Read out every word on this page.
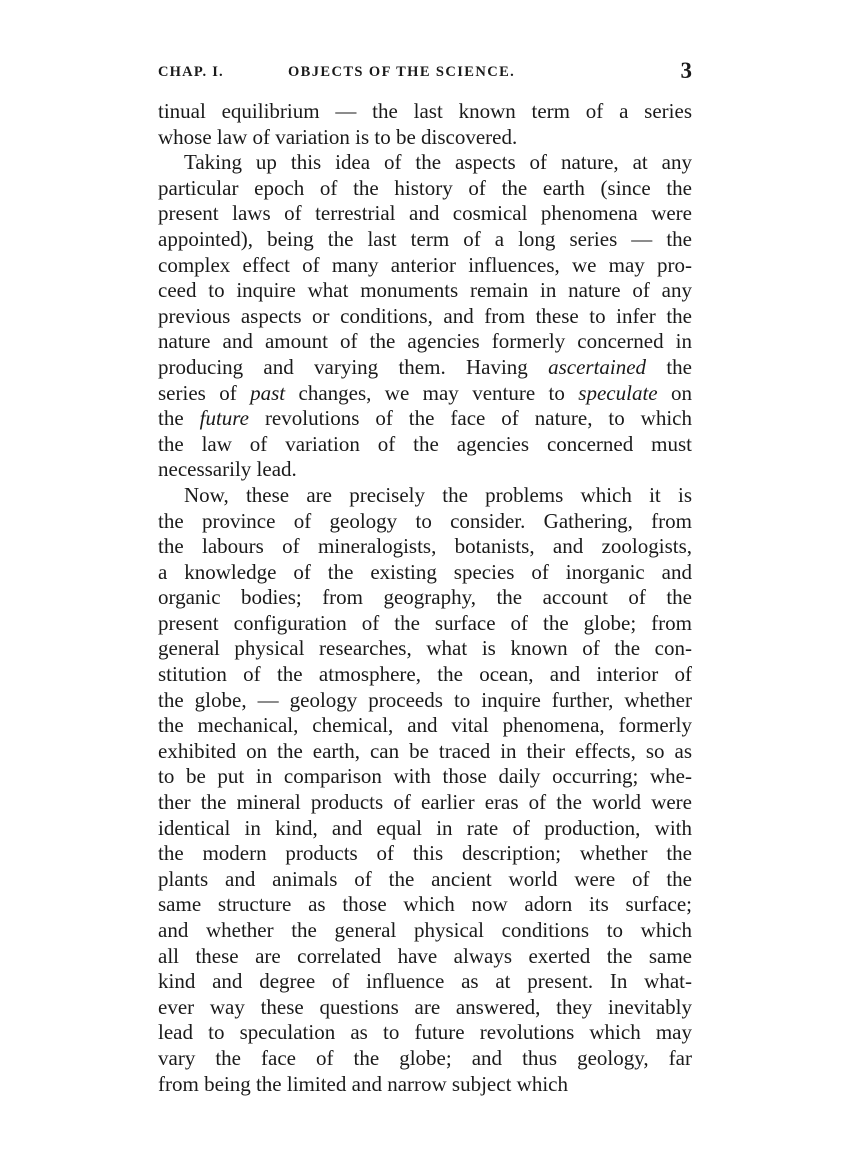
CHAP. I.	OBJECTS OF THE SCIENCE.	3
tinual equilibrium — the last known term of a series
whose law of variation is to be discovered.
Taking up this idea of the aspects of nature, at any
particular epoch of the history of the earth (since the
present laws of terrestrial and cosmical phenomena were
appointed), being the last term of a long series — the
complex effect of many anterior influences, we may pro-
ceed to inquire what monuments remain in nature of any
previous aspects or conditions, and from these to infer the
nature and amount of the agencies formerly concerned in
producing and varying them. Having ascertained the
series of past changes, we may venture to speculate on
the future revolutions of the face of nature, to which
the law of variation of the agencies concerned must
necessarily lead.
Now, these are precisely the problems which it is
the province of geology to consider. Gathering, from
the labours of mineralogists, botanists, and zoologists,
a knowledge of the existing species of inorganic and
organic bodies; from geography, the account of the
present configuration of the surface of the globe; from
general physical researches, what is known of the con-
stitution of the atmosphere, the ocean, and interior of
the globe, — geology proceeds to inquire further, whether
the mechanical, chemical, and vital phenomena, formerly
exhibited on the earth, can be traced in their effects, so as
to be put in comparison with those daily occurring; whe-
ther the mineral products of earlier eras of the world were
identical in kind, and equal in rate of production, with
the modern products of this description; whether the
plants and animals of the ancient world were of the
same structure as those which now adorn its surface;
and whether the general physical conditions to which
all these are correlated have always exerted the same
kind and degree of influence as at present. In what-
ever way these questions are answered, they inevitably
lead to speculation as to future revolutions which may
vary the face of the globe; and thus geology, far
from being the limited and narrow subject which
